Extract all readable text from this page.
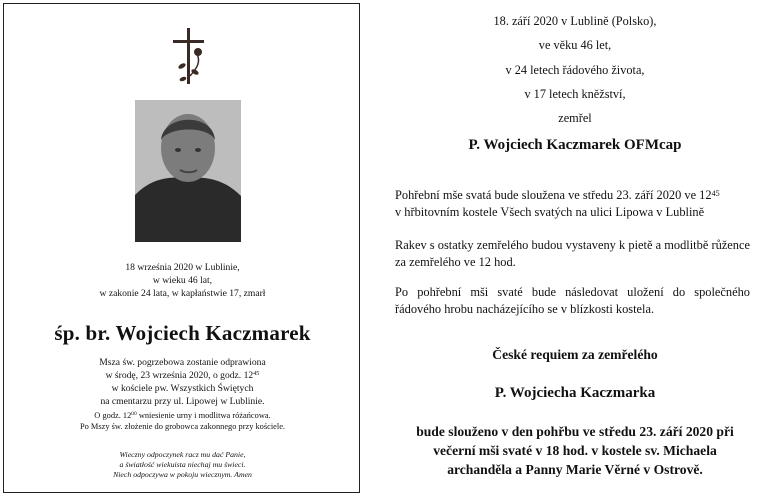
18 września 2020 w Lublinie,
w wieku 46 lat,
w zakonie 24 lata, w kapłaństwie 17, zmarł
śp. br. Wojciech Kaczmarek
Msza św. pogrzebowa zostanie odprawiona
w środę, 23 września 2020, o godz. $12^{45}$
w kościele pw. Wszystkich Świętych
na cmentarzu przy ul. Lipowej w Lublinie.
O godz. $12^{00}$ wniesienie urny i modlitwa różańcowa.
Po Mszy św. złożenie do grobowca zakonnego przy kościele.
Wieczny odpoczynek racz mu dać Panie,
a światłość wiekuista niechaj mu świeci.
Niech odpoczywa w pokoju wiecznym. Amen
18. září 2020 v Lublině (Polsko),
ve věku 46 let,
v 24 letech řádového života,
v 17 letech kněžství,
zemřel
P. Wojciech Kaczmarek OFMcap
Pohřební mše svatá bude sloužena ve středu 23. září 2020 ve $12^{45}$
v hřbitovním kostele Všech svatých na ulici Lipowa v Lublině
Rakev s ostatky zemřelého budou vystaveny k pietě a modlitbě růžence za zemřelého ve 12 hod.
Po pohřební mši svaté bude následovat uložení do společného řádového hrobu nacházejícího se v blízkosti kostela.
České requiem za zemřelého
P. Wojciecha Kaczmarka
bude slouženo v den pohřbu ve středu 23. září 2020 při
večerní mši svaté v 18 hod. v kostele sv. Michaela
archanděla a Panny Marie Věrné v Ostrově.
